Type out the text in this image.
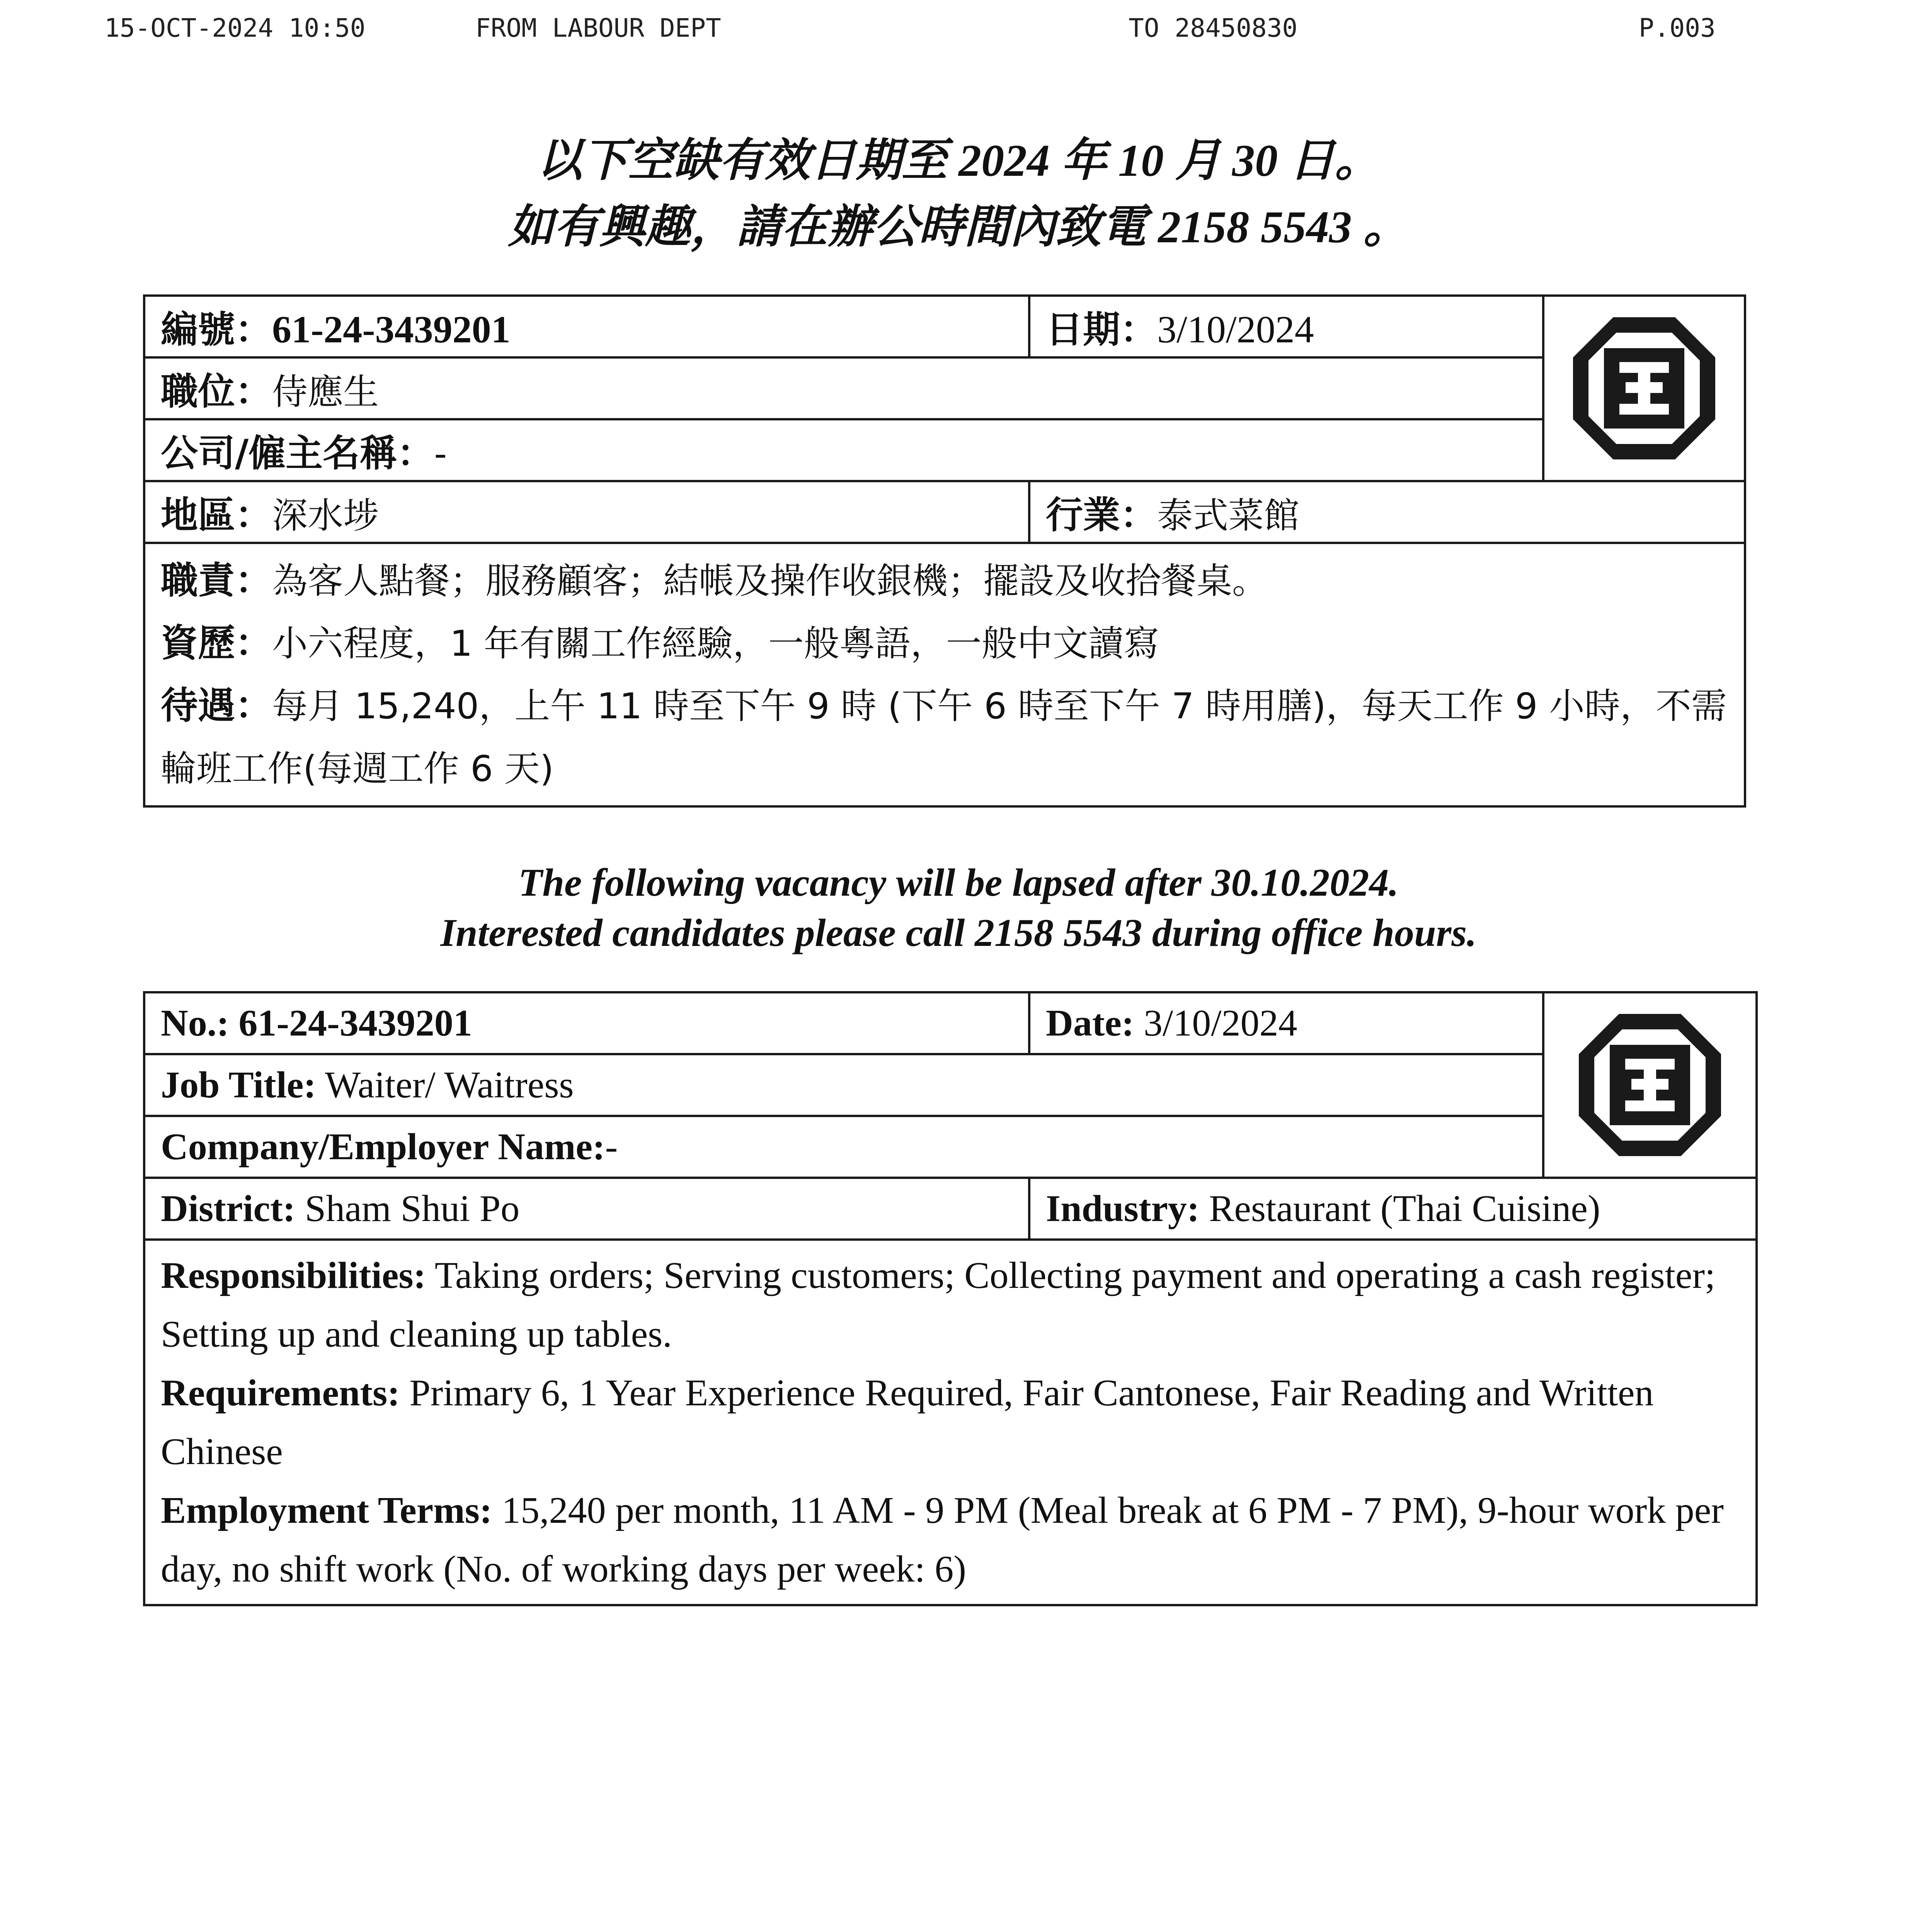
15-OCT-2024 10:50	FROM LABOUR DEPT	TO 28450830	P.003
以下空缺有效日期至 2024 年 10 月 30 日。
如有興趣，請在辦公時間內致電 2158 5543 。
編號：61-24-3439201	日期：3/10/2024	
職位：侍應生		
公司/僱主名稱：-		
地區：深水埗	行業：泰式菜館	

職責：為客人點餐；服務顧客；結帳及操作收銀機；擺設及收拾餐桌。

資歷：小六程度，1 年有關工作經驗，一般粵語，一般中文讀寫

待遇：每月 15,240，上午 11 時至下午 9 時 (下午 6 時至下午 7 時用膳)，每天工作 9 小時，不需輪班工作(每週工作 6 天)		

The following vacancy will be lapsed after 30.10.2024.
Interested candidates please call 2158 5543 during office hours.
No.: 61-24-3439201	Date: 3/10/2024	
Job Title: Waiter/ Waitress		
Company/Employer Name:-		
District: Sham Shui Po	Industry: Restaurant (Thai Cuisine)	

Responsibilities: Taking orders; Serving customers; Collecting payment and operating a cash register; Setting up and cleaning up tables.

Requirements: Primary 6, 1 Year Experience Required, Fair Cantonese, Fair Reading and Written Chinese

Employment Terms: 15,240 per month, 11 AM - 9 PM (Meal break at 6 PM - 7 PM), 9-hour work per day, no shift work (No. of working days per week: 6)		
